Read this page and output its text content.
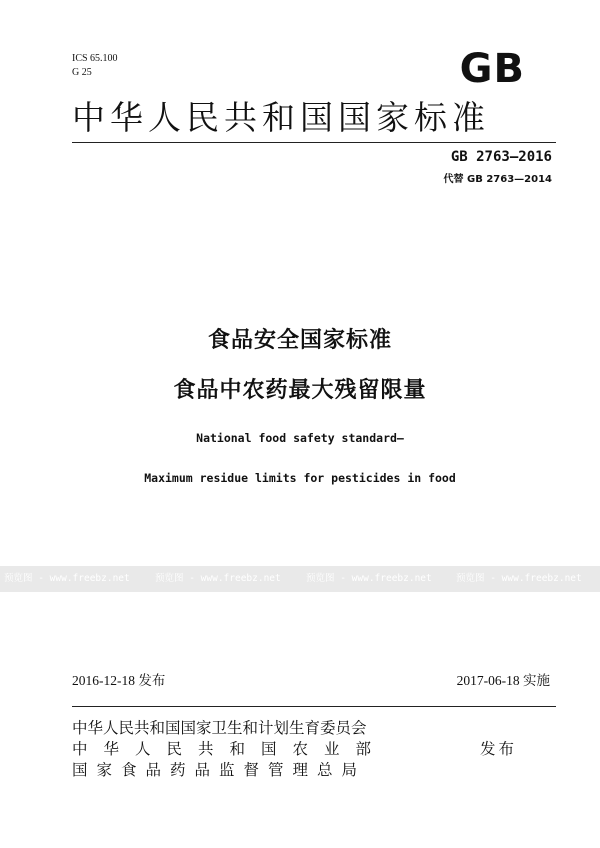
ICS 65.100
G 25	GB
中华人民共和国国家标准
GB 2763—2016
代替 GB 2763—2014
食品安全国家标准
食品中农药最大残留限量
National food safety standard—
Maximum residue limits for pesticides in food
预览图 - www.freebz.net	预览图 - www.freebz.net	预览图 - www.freebz.net	预览图 - www.freebz.net
2016-12-18 发布	2017-06-18 实施
中华人民共和国国家卫生和计划生育委员会
中华人民共和国农业部
国家食品药品监督管理总局
发布
